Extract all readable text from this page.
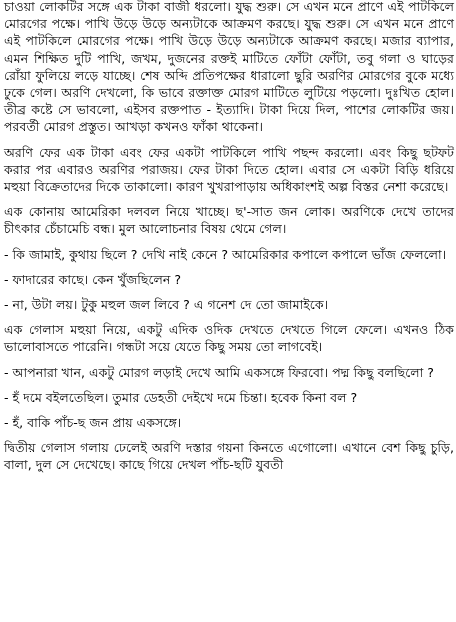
চাওয়া লোকটির সঙ্গে এক টাকা বাজী ধরলো। যুদ্ধ শুরু। সে এখন মনে প্রাণে এই পাটকিলে মোরগের পক্ষে। পাখি উড়ে উড়ে অন্যটাকে আক্রমণ করছে। যুদ্ধ শুরু। সে এখন মনে প্রাণে এই পাটকিলে মোরগের পক্ষে। পাখি উড়ে উড়ে অন্যটাকে আক্রমণ করছে। মজার ব্যাপার, এমন শিক্ষিত দুটি পাখি, জখম, দুজনের রক্তই মাটিতে ফোঁটা ফোঁটা, তবু গলা ও ঘাড়ের রোঁয়া ফুলিয়ে লড়ে যাচ্ছে। শেষ অব্দি প্রতিপক্ষের ধারালো ছুরি অরণির মোরগের বুকে মধ্যে ঢুকে গেল। অরণি দেখলো, কি ভাবে রক্তাক্ত মোরগ মাটিতে লুটিয়ে পড়লো। দুঃখিত হোল। তীব্র কষ্টে সে ভাবলো, এইসব রক্তপাত - ইত্যাদি। টাকা দিয়ে দিল, পাশের লোকটির জয়। পরবর্তী মোরগ প্রস্তুত। আখড়া কখনও ফাঁকা থাকেনা।

অরণি ফের এক টাকা এবং ফের একটা পাটকিলে পাখি পছন্দ করলো। এবং কিছু ছটফট করার পর এবারও অরণির পরাজয়। ফের টাকা দিতে হোল। এবার সে একটা বিড়ি ধরিয়ে মহুয়া বিক্রেতাদের দিকে তাকালো। কারণ খুখরাপাড়ায় অধিকাংশই অল্প বিস্তর নেশা করেছে।

এক কোনায় আমেরিকা দলবল নিয়ে খাচ্ছে। ছ'-সাত জন লোক। অরণিকে দেখে তাদের চীৎকার চেঁচামেচি বন্ধ। মুল আলোচনার বিষয় থেমে গেল।

- কি জামাই, কুথায় ছিলে ? দেখি নাই কেনে ? আমেরিকার কপালে কপালে ভাঁজ ফেললো।

- ফাদারের কাছে। কেন খুঁজছিলেন ?

- না, উটা লয়। টুকু মহুল জল লিবে ? এ গনেশ দে তো জামাইকে।

এক গেলাস মহুয়া নিয়ে, একটু এদিক ওদিক দেখতে দেখতে গিলে ফেলে। এখনও ঠিক ভালোবাসতে পারেনি। গন্ধটা সয়ে যেতে কিছু সময় তো লাগবেই।

- আপনারা খান, একটু মোরগ লড়াই দেখে আমি একসঙ্গে ফিরবো। পদ্ম কিছু বলছিলো ?

- হঁ দমে বইলতেছিল। তুমার ডেহতী দেইখে দমে চিন্তা। হবেক কিনা বল ?

- হঁ, বাকি পাঁচ-ছ জন প্রায় একসঙ্গে।

দ্বিতীয় গেলাস গলায় ঢেলেই অরণি দস্তার গয়না কিনতে এগোলো। এখানে বেশ কিছু চুড়ি, বালা, দুল সে দেখেছে। কাছে গিয়ে দেখল পাঁচ-ছটি যুবতী
